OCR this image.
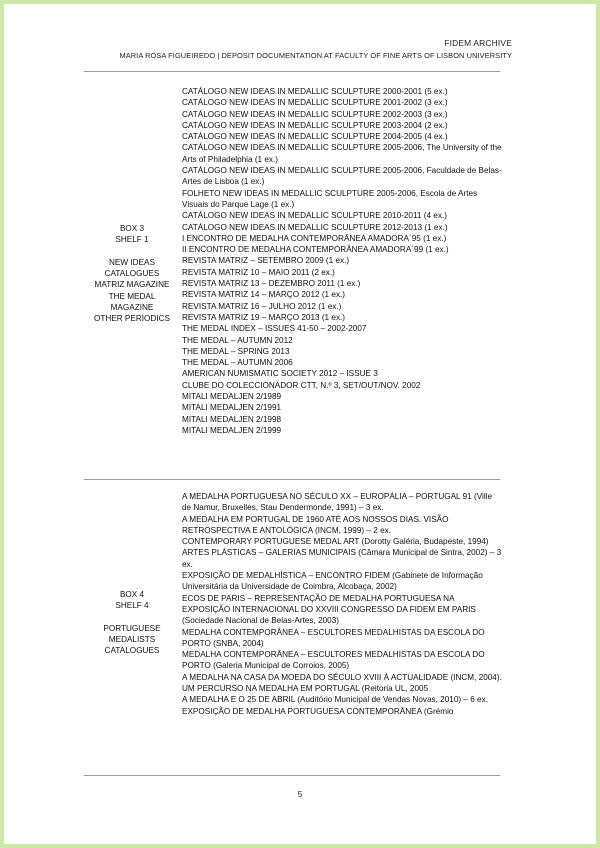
FIDEM ARCHIVE
MARIA ROSA FIGUEIREDO | DEPOSIT DOCUMENTATION AT FACULTY OF FINE ARTS OF LISBON UNIVERSITY
BOX 3
SHELF 1
NEW IDEAS
CATALOGUES
MATRIZ MAGAZINE
THE MEDAL
MAGAZINE
OTHER PERIODICS

CATÁLOGO NEW IDEAS IN MEDALLIC SCULPTURE 2000-2001 (5 ex.)

CATÁLOGO NEW IDEAS IN MEDALLIC SCULPTURE 2001-2002 (3 ex.)

CATÁLOGO NEW IDEAS IN MEDALLIC SCULPTURE 2002-2003 (3 ex.)

CATÁLOGO NEW IDEAS IN MEDALLIC SCULPTURE 2003-2004 (2 ex.)

CATÁLOGO NEW IDEAS IN MEDALLIC SCULPTURE 2004-2005 (4 ex.)

CATÁLOGO NEW IDEAS IN MEDALLIC SCULPTURE 2005-2006, The University of the Arts of Philadelphia (1 ex.)

CATÁLOGO NEW IDEAS IN MEDALLIC SCULPTURE 2005-2006, Faculdade de Belas-Artes de Lisboa (1 ex.)

FOLHETO NEW IDEAS IN MEDALLIC SCULPTURE 2005-2006, Escola de Artes Visuais do Parque Lage (1 ex.)

CATÁLOGO NEW IDEAS IN MEDALLIC SCULPTURE 2010-2011 (4 ex.)

CATÁLOGO NEW IDEAS IN MEDALLIC SCULPTURE 2012-2013 (1 ex.)

I ENCONTRO DE MEDALHA CONTEMPORÂNEA AMADORA`95 (1 ex.)

II ENCONTRO DE MEDALHA CONTEMPORÂNEA AMADORA`99 (1 ex.)

REVISTA MATRIZ – SETEMBRO 2009 (1 ex.)

REVISTA MATRIZ 10 – MAIO 2011 (2 ex.)

REVISTA MATRIZ 13 – DEZEMBRO 2011 (1 ex.)

REVISTA MATRIZ 14 – MARÇO 2012 (1 ex.)

REVISTA MATRIZ 16 – JULHO 2012 (1 ex.)

REVISTA MATRIZ 19 – MARÇO 2013 (1 ex.)

THE MEDAL INDEX – ISSUES 41-50 – 2002-2007

THE MEDAL – AUTUMN 2012

THE MEDAL – SPRING 2013

THE MEDAL – AUTUMN 2006

AMERICAN NUMISMATIC SOCIETY 2012 – ISSUE 3

CLUBE DO COLECCIONADOR CTT, N.º 3, SET/OUT/NOV. 2002

MITALI MEDALJEN 2/1989

MITALI MEDALJEN 2/1991

MITALI MEDALJEN 2/1998

MITALI MEDALJEN 2/1999

BOX 4
SHELF 4
PORTUGUESE
MEDALISTS
CATALOGUES

A MEDALHA PORTUGUESA NO SÉCULO XX – EUROPÁLIA – PORTUGAL 91 (Ville de Namur, Bruxelles, Stau Dendermonde, 1991) – 3 ex.

A MEDALHA EM PORTUGAL DE 1960 ATÉ AOS NOSSOS DIAS. VISÃO RETROSPECTIVA E ANTOLÓGICA (INCM, 1999) – 2 ex.

CONTEMPORARY PORTUGUESE MEDAL ART (Dorotty Galéria, Budapeste, 1994)

ARTES PLÁSTICAS – GALERIAS MUNICIPAIS (Câmara Municipal de Sintra, 2002) – 3 ex.

EXPOSIÇÃO DE MEDALHÍSTICA – ENCONTRO FIDEM (Gabinete de Informação Universitária da Universidade de Coimbra, Alcobaça, 2002)

ECOS DE PARIS – REPRESENTAÇÃO DE MEDALHA PORTUGUESA NA EXPOSIÇÃO INTERNACIONAL DO XXVIII CONGRESSO DA FIDEM EM PARIS (Sociedade Nacional de Belas-Artes, 2003)

MEDALHA CONTEMPORÂNEA – ESCULTORES MEDALHISTAS DA ESCOLA DO PORTO (SNBA, 2004)

MEDALHA CONTEMPORÂNEA – ESCULTORES MEDALHISTAS DA ESCOLA DO PORTO (Galeria Municipal de Corroios, 2005)

A MEDALHA NA CASA DA MOEDA DO SÉCULO XVIII À ACTUALIDADE (INCM, 2004).

UM PERCURSO NA MEDALHA EM PORTUGAL (Reitoria UL, 2005

A MEDALHA E O 25 DE ABRIL (Auditório Municipal de Vendas Novas, 2010) – 6 ex.

EXPOSIÇÃO DE MEDALHA PORTUGUESA CONTEMPORÂNEA (Grémio

5
